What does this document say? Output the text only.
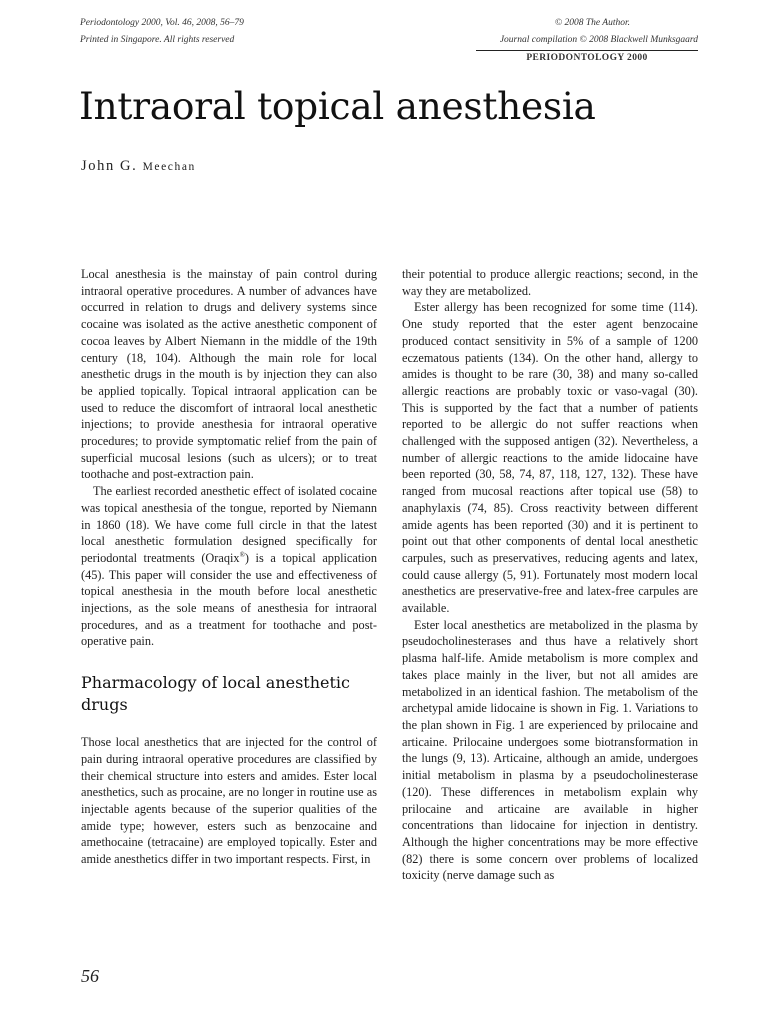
Periodontology 2000, Vol. 46, 2008, 56–79
Printed in Singapore. All rights reserved
© 2008 The Author.
Journal compilation © 2008 Blackwell Munksgaard
PERIODONTOLOGY 2000
Intraoral topical anesthesia
John G. Meechan

Local anesthesia is the mainstay of pain control during intraoral operative procedures. A number of advances have occurred in relation to drugs and delivery systems since cocaine was isolated as the active anesthetic component of cocoa leaves by Albert Niemann in the middle of the 19th century (18, 104). Although the main role for local anesthetic drugs in the mouth is by injection they can also be applied topically. Topical intraoral application can be used to reduce the discomfort of intraoral local anesthetic injections; to provide anesthesia for intraoral operative procedures; to provide symptomatic relief from the pain of superficial mucosal lesions (such as ulcers); or to treat toothache and post-extraction pain.

The earliest recorded anesthetic effect of isolated cocaine was topical anesthesia of the tongue, reported by Niemann in 1860 (18). We have come full circle in that the latest local anesthetic formulation designed specifically for periodontal treatments (Oraqix®) is a topical application (45). This paper will consider the use and effectiveness of topical anesthesia in the mouth before local anesthetic injections, as the sole means of anesthesia for intraoral procedures, and as a treatment for toothache and post-operative pain.

Pharmacology of local anesthetic drugs

Those local anesthetics that are injected for the control of pain during intraoral operative procedures are classified by their chemical structure into esters and amides. Ester local anesthetics, such as procaine, are no longer in routine use as injectable agents because of the superior qualities of the amide type; however, esters such as benzocaine and amethocaine (tetracaine) are employed topically. Ester and amide anesthetics differ in two important respects. First, in

their potential to produce allergic reactions; second, in the way they are metabolized.

Ester allergy has been recognized for some time (114). One study reported that the ester agent benzocaine produced contact sensitivity in 5% of a sample of 1200 eczematous patients (134). On the other hand, allergy to amides is thought to be rare (30, 38) and many so-called allergic reactions are probably toxic or vaso-vagal (30). This is supported by the fact that a number of patients reported to be allergic do not suffer reactions when challenged with the supposed antigen (32). Nevertheless, a number of allergic reactions to the amide lidocaine have been reported (30, 58, 74, 87, 118, 127, 132). These have ranged from mucosal reactions after topical use (58) to anaphylaxis (74, 85). Cross reactivity between different amide agents has been reported (30) and it is pertinent to point out that other components of dental local anesthetic carpules, such as preservatives, reducing agents and latex, could cause allergy (5, 91). Fortunately most modern local anesthetics are preservative-free and latex-free carpules are available.

Ester local anesthetics are metabolized in the plasma by pseudocholinesterases and thus have a relatively short plasma half-life. Amide metabolism is more complex and takes place mainly in the liver, but not all amides are metabolized in an identical fashion. The metabolism of the archetypal amide lidocaine is shown in Fig. 1. Variations to the plan shown in Fig. 1 are experienced by prilocaine and articaine. Prilocaine undergoes some biotransformation in the lungs (9, 13). Articaine, although an amide, undergoes initial metabolism in plasma by a pseudocholinesterase (120). These differences in metabolism explain why prilocaine and articaine are available in higher concentrations than lidocaine for injection in dentistry. Although the higher concentrations may be more effective (82) there is some concern over problems of localized toxicity (nerve damage such as

56
